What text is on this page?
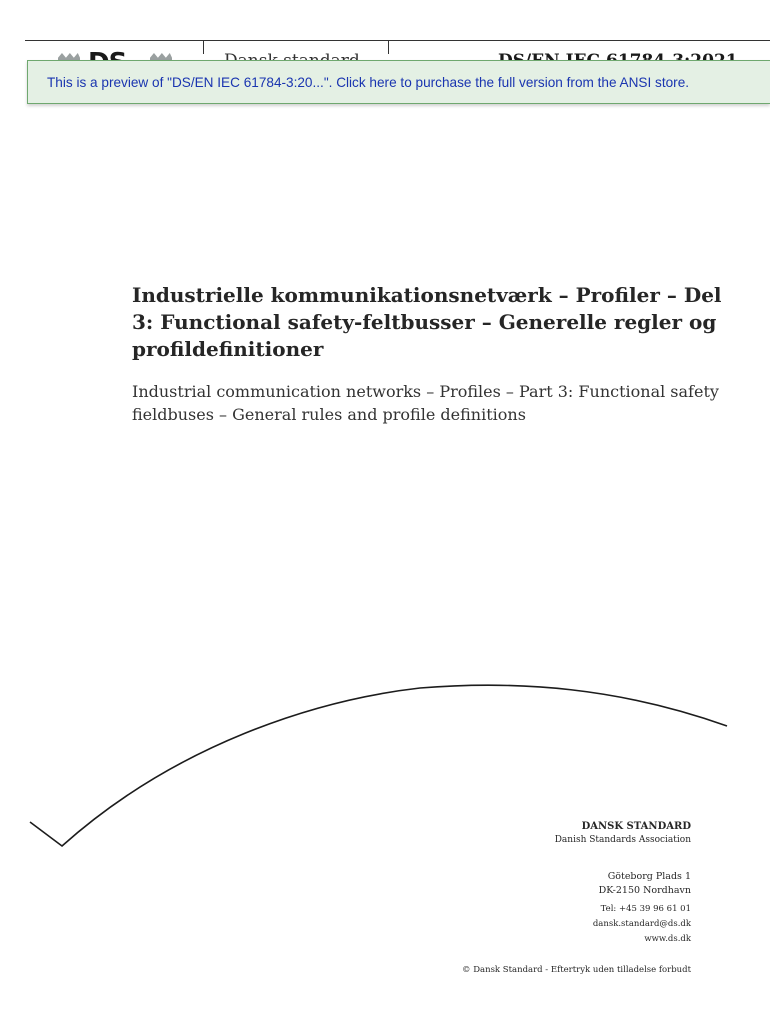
This is a preview of "DS/EN IEC 61784-3:20...". Click here to purchase the full version from the ANSI store.
Industrielle kommunikationsnetværk – Profiler – Del 3: Functional safety-feltbusser – Generelle regler og profildefinitioner

Industrial communication networks – Profiles – Part 3: Functional safety fieldbuses – General rules and profile definitions

DANSK STANDARD
Danish Standards Association
Göteborg Plads 1
DK-2150 Nordhavn
Tel: +45 39 96 61 01
dansk.standard@ds.dk
www.ds.dk
© Dansk Standard - Eftertryk uden tilladelse forbudt
